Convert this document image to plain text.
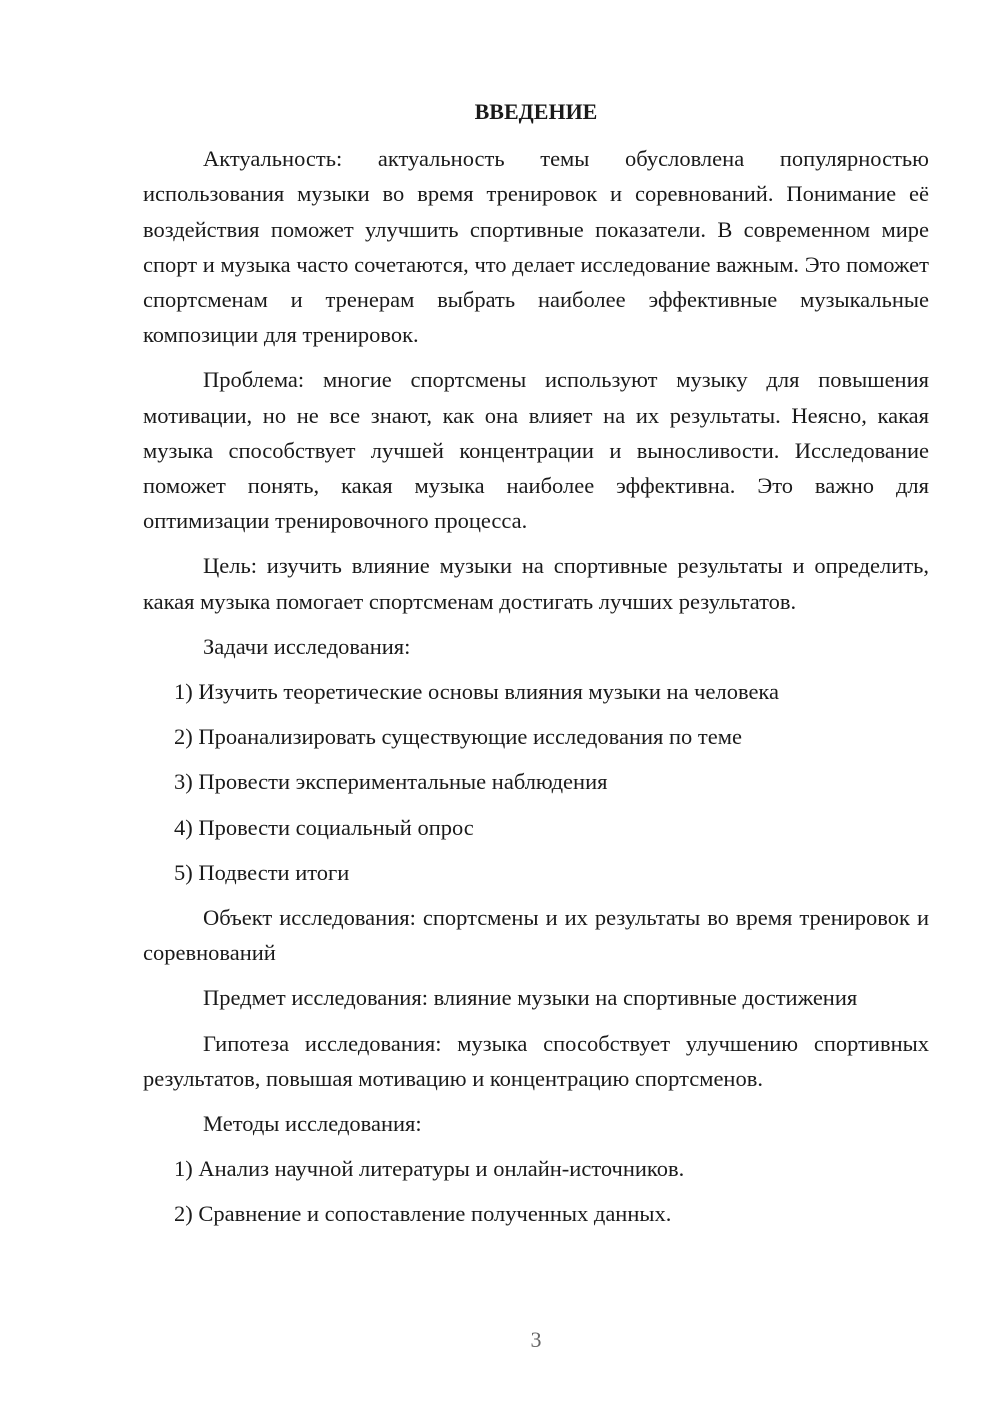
ВВЕДЕНИЕ

Актуальность: актуальность темы обусловлена популярностью использования музыки во время тренировок и соревнований. Понимание её воздействия поможет улучшить спортивные показатели. В современном мире спорт и музыка часто сочетаются, что делает исследование важным. Это поможет спортсменам и тренерам выбрать наиболее эффективные музыкальные композиции для тренировок.

Проблема: многие спортсмены используют музыку для повышения мотивации, но не все знают, как она влияет на их результаты. Неясно, какая музыка способствует лучшей концентрации и выносливости. Исследование поможет понять, какая музыка наиболее эффективна. Это важно для оптимизации тренировочного процесса.

Цель: изучить влияние музыки на спортивные результаты и определить, какая музыка помогает спортсменам достигать лучших результатов.

Задачи исследования:

1) Изучить теоретические основы влияния музыки на человека

2) Проанализировать существующие исследования по теме

3) Провести экспериментальные наблюдения

4) Провести социальный опрос

5) Подвести итоги

Объект исследования: спортсмены и их результаты во время тренировок и соревнований

Предмет исследования: влияние музыки на спортивные достижения

Гипотеза исследования: музыка способствует улучшению спортивных результатов, повышая мотивацию и концентрацию спортсменов.

Методы исследования:

1) Анализ научной литературы и онлайн-источников.

2) Сравнение и сопоставление полученных данных.

3
